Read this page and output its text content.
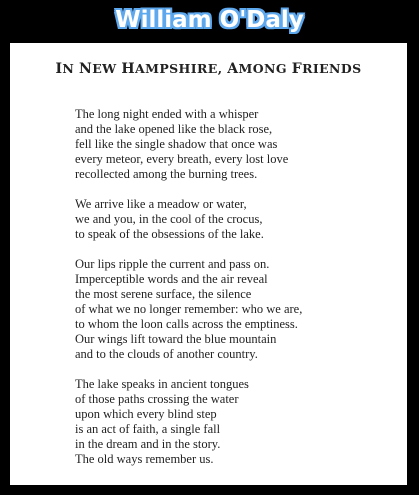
William O'Daly
IN NEW HAMPSHIRE, AMONG FRIENDS
The long night ended with a whisper
and the lake opened like the black rose,
fell like the single shadow that once was
every meteor, every breath, every lost love
recollected among the burning trees.
We arrive like a meadow or water,
we and you, in the cool of the crocus,
to speak of the obsessions of the lake.
Our lips ripple the current and pass on.
Imperceptible words and the air reveal
the most serene surface, the silence
of what we no longer remember: who we are,
to whom the loon calls across the emptiness.
Our wings lift toward the blue mountain
and to the clouds of another country.
The lake speaks in ancient tongues
of those paths crossing the water
upon which every blind step
is an act of faith, a single fall
in the dream and in the story.
The old ways remember us.
